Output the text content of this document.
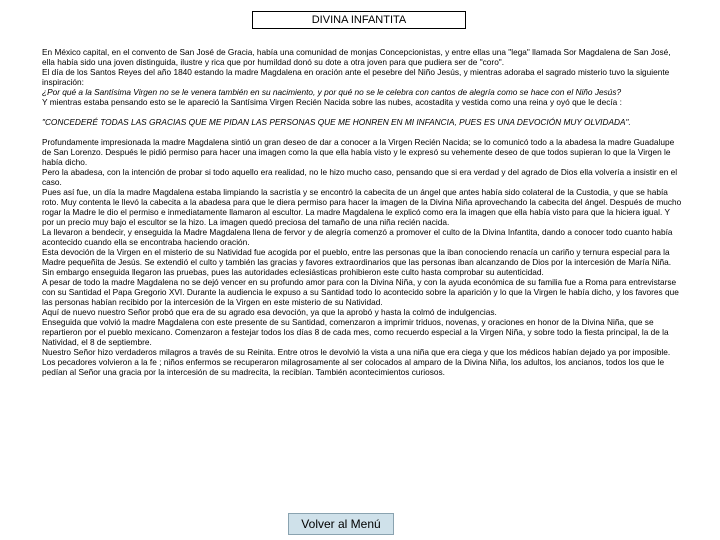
DIVINA INFANTITA

En México capital, en el convento de San José de Gracia, había una comunidad de monjas Concepcionistas, y entre ellas una "lega" llamada Sor Magdalena de San José, ella había sido una joven distinguida, ilustre y rica que por humildad donó su dote a otra joven para que pudiera ser de "coro".

El día de los Santos Reyes del año 1840 estando la madre Magdalena en oración ante el pesebre del Niño Jesús, y mientras adoraba el sagrado misterio tuvo la siguiente inspiración:

¿Por qué a la Santísima Virgen no se le venera también en su nacimiento, y por qué no se le celebra con cantos de alegría como se hace con el Niño Jesús?

Y mientras estaba pensando esto se le apareció la Santísima Virgen Recién Nacida sobre las nubes, acostadita y vestida como una reina y oyó que le decía :

"CONCEDERÉ TODAS LAS GRACIAS QUE ME PIDAN LAS PERSONAS QUE ME HONREN EN MI INFANCIA, PUES ES UNA DEVOCIÓN MUY OLVIDADA".

Profundamente impresionada la madre Magdalena sintió un gran deseo de dar a conocer a la Virgen Recién Nacida; se lo comunicó todo a la abadesa la madre Guadalupe de San Lorenzo. Después le pidió permiso para hacer una imagen como la que ella había visto y le expresó su vehemente deseo de que todos supieran lo que la Virgen le había dicho.

Pero la abadesa, con la intención de probar si todo aquello era realidad, no le hizo mucho caso, pensando que si era verdad y del agrado de Dios ella volvería a insistir en el caso.

Pues así fue, un día la madre Magdalena estaba limpiando la sacristía y se encontró la cabecita de un ángel que antes había sido colateral de la Custodia, y que se había roto. Muy contenta le llevó la cabecita a la abadesa para que le diera permiso para hacer la imagen de la Divina Niña aprovechando la cabecita del ángel. Después de mucho rogar la Madre le dio el permiso e inmediatamente llamaron al escultor. La madre Magdalena le explicó como era la imagen que ella había visto para que la hiciera igual. Y por un precio muy bajo el escultor se la hizo. La imagen quedó preciosa del tamaño de una niña recién nacida.

La llevaron a bendecir, y enseguida la Madre Magdalena llena de fervor y de alegría comenzó a promover el culto de la Divina Infantita, dando a conocer todo cuanto había acontecido cuando ella se encontraba haciendo oración.

Esta devoción de la Virgen en el misterio de su Natividad fue acogida por el pueblo, entre las personas que la iban conociendo renacía un cariño y ternura especial para la Madre pequeñita de Jesús. Se extendió el culto y también las gracias y favores extraordinarios que las personas iban alcanzando de Dios por la intercesión de María Niña.

Sin embargo enseguida llegaron las pruebas, pues las autoridades eclesiásticas prohibieron este culto hasta comprobar su autenticidad.

A pesar de todo la madre Magdalena no se dejó vencer en su profundo amor para con la Divina Niña, y con la ayuda económica de su familia fue a Roma para entrevistarse con su Santidad el Papa Gregorio XVI. Durante la audiencia le expuso a su Santidad todo lo acontecido sobre la aparición y lo que la Virgen le había dicho, y los favores que las personas habían recibido por la intercesión de la Virgen en este misterio de su Natividad.

Aquí de nuevo nuestro Señor probó que era de su agrado esa devoción, ya que la aprobó y hasta la colmó de indulgencias.

Enseguida que volvió la madre Magdalena con este presente de su Santidad, comenzaron a imprimir triduos, novenas, y oraciones en honor de la Divina Niña, que se repartieron por el pueblo mexicano. Comenzaron a festejar todos los días 8 de cada mes, como recuerdo especial a la Virgen Niña, y sobre todo la fiesta principal, la de la Natividad, el 8 de septiembre.

Nuestro Señor hizo verdaderos milagros a través de su Reinita. Entre otros le devolvió la vista a una niña que era ciega y que los médicos habían dejado ya por imposible. Los pecadores volvieron a la fe ; niños enfermos se recuperaron milagrosamente al ser colocados al amparo de la Divina Niña, los adultos, los ancianos, todos los que le pedían al Señor una gracia por la intercesión de su madrecita, la recibían. También acontecimientos curiosos.

Volver al Menú
